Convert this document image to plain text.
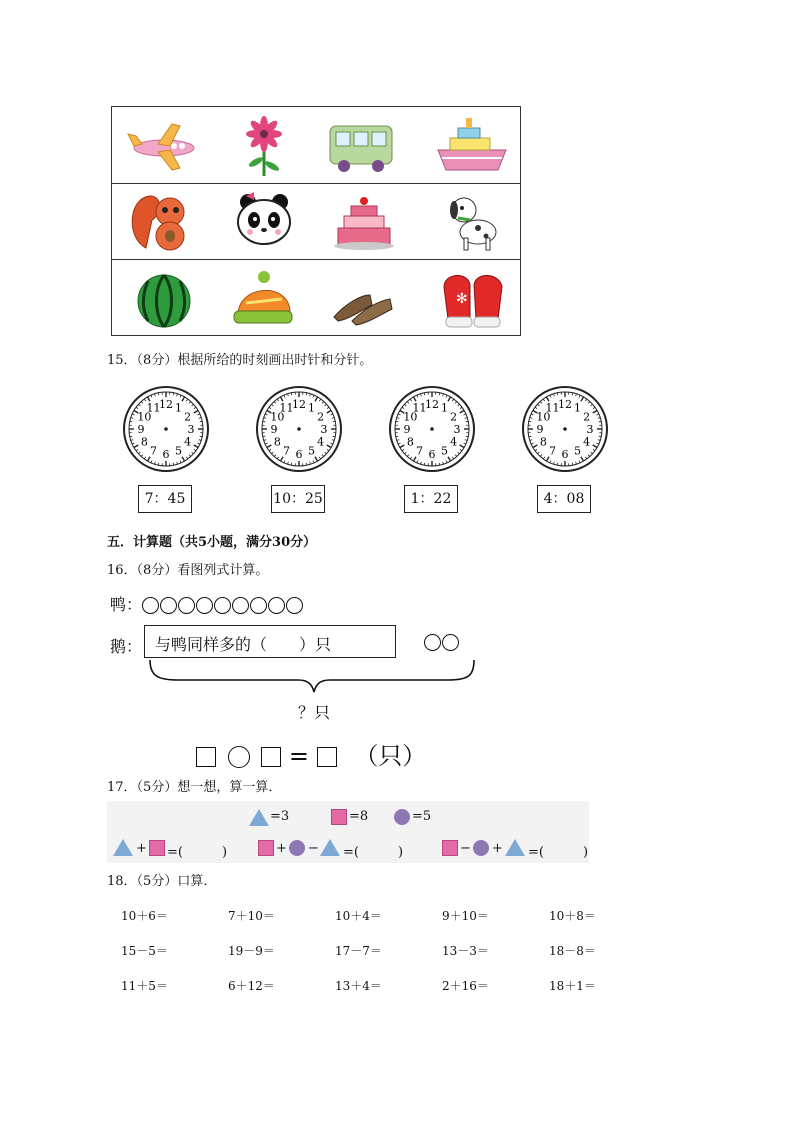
✻
15．（8分）根据所给的时刻画出时针和分针。
12 1
2
3
4
5
6
7
8
9
10
11	12 1
2
3
4
5
6
7
8
9
10
11	12 1
2
3
4
5
6
7
8
9
10
11	12 1
2
3
4
5
6
7
8
9
10
11
7：45	10：25	1：22	4：08
五．计算题（共5小题，满分30分）
16．（8分）看图列式计算。
鸭：
鹅： 与鸭同样多的（　　）只
？只
= （只）
17．（5分）想一想，算一算．
=3	=8	=5
+ =(　　　)	+ − =(　　　)	− + =(　　　)
18．（5分）口算．
10＋6＝	7＋10＝	10＋4＝	9＋10＝	10＋8＝
15－5＝	19－9＝	17－7＝	13－3＝	18－8＝
11＋5＝	6＋12＝	13＋4＝	2＋16＝	18＋1＝
